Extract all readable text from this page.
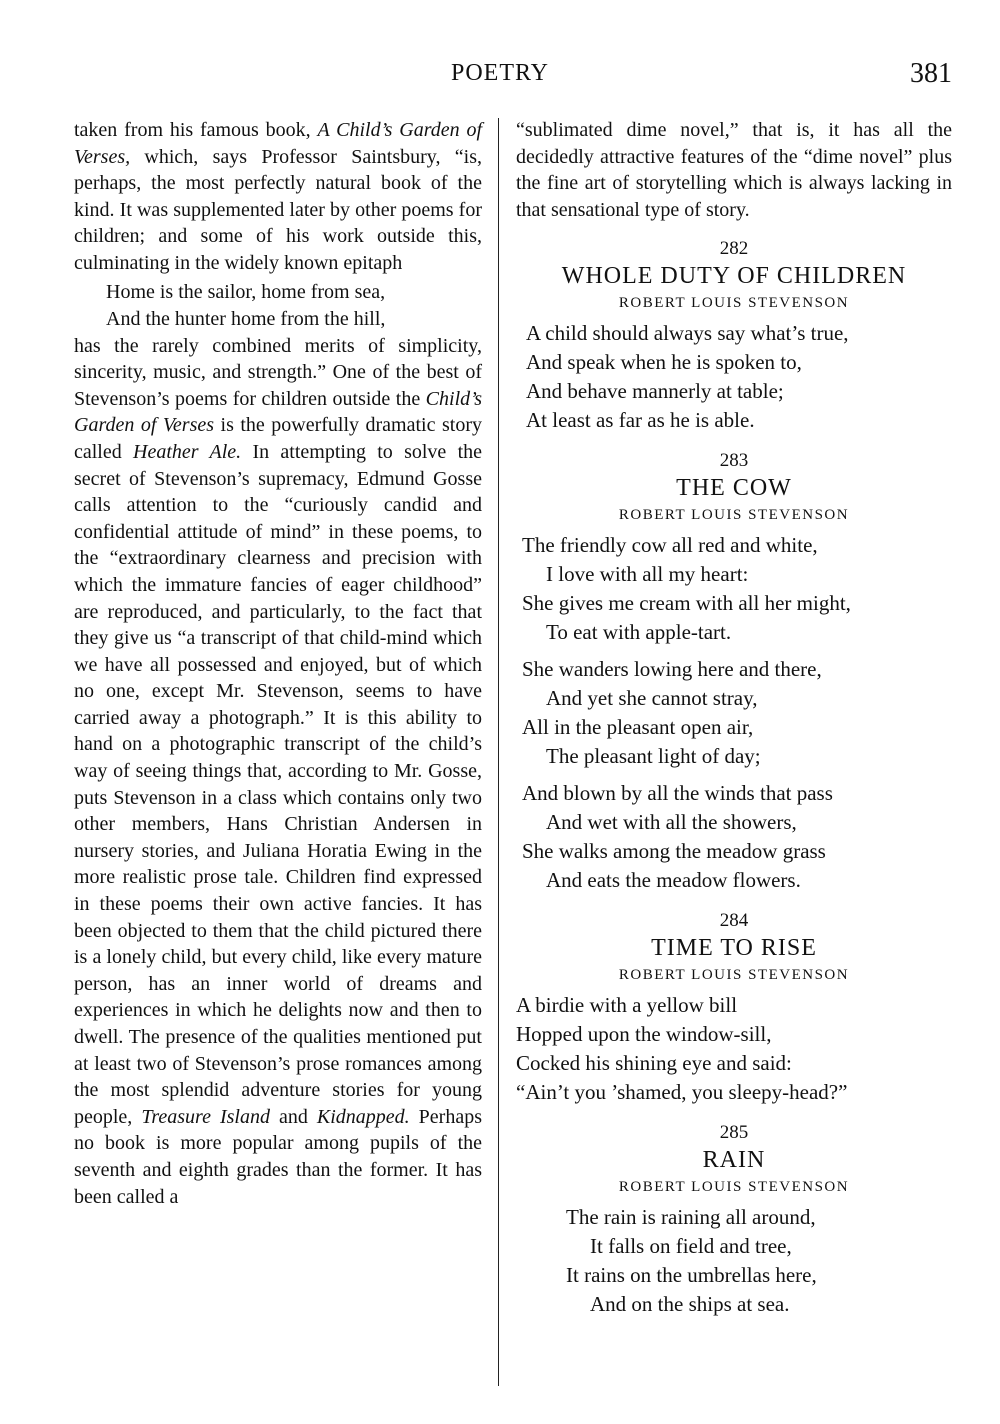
POETRY	381

taken from his famous book, A Child’s Garden of Verses, which, says Professor Saintsbury, “is, perhaps, the most perfectly natural book of the kind. It was supplemented later by other poems for children; and some of his work outside this, culminating in the widely known epitaph

Home is the sailor, home from sea,
And the hunter home from the hill,

has the rarely combined merits of simplicity, sincerity, music, and strength.” One of the best of Stevenson’s poems for children outside the Child’s Garden of Verses is the powerfully dramatic story called Heather Ale. In attempting to solve the secret of Stevenson’s supremacy, Edmund Gosse calls attention to the “curiously candid and confidential attitude of mind” in these poems, to the “extraordinary clearness and precision with which the immature fancies of eager childhood” are reproduced, and particularly, to the fact that they give us “a transcript of that child-mind which we have all possessed and enjoyed, but of which no one, except Mr. Stevenson, seems to have carried away a photograph.” It is this ability to hand on a photographic transcript of the child’s way of seeing things that, according to Mr. Gosse, puts Stevenson in a class which contains only two other members, Hans Christian Andersen in nursery stories, and Juliana Horatia Ewing in the more realistic prose tale. Children find expressed in these poems their own active fancies. It has been objected to them that the child pictured there is a lonely child, but every child, like every mature person, has an inner world of dreams and experiences in which he delights now and then to dwell. The presence of the qualities mentioned put at least two of Stevenson’s prose romances among the most splendid adventure stories for young people, Treasure Island and Kidnapped. Perhaps no book is more popular among pupils of the seventh and eighth grades than the former. It has been called a

“sublimated dime novel,” that is, it has all the decidedly attractive features of the “dime novel” plus the fine art of storytelling which is always lacking in that sensational type of story.

282
WHOLE DUTY OF CHILDREN
ROBERT LOUIS STEVENSON
A child should always say what’s true,
And speak when he is spoken to,
And behave mannerly at table;
At least as far as he is able.
283
THE COW
ROBERT LOUIS STEVENSON
The friendly cow all red and white,
I love with all my heart:
She gives me cream with all her might,
To eat with apple-tart.
She wanders lowing here and there,
And yet she cannot stray,
All in the pleasant open air,
The pleasant light of day;
And blown by all the winds that pass
And wet with all the showers,
She walks among the meadow grass
And eats the meadow flowers.
284
TIME TO RISE
ROBERT LOUIS STEVENSON
A birdie with a yellow bill
Hopped upon the window-sill,
Cocked his shining eye and said:
“Ain’t you ’shamed, you sleepy-head?”
285
RAIN
ROBERT LOUIS STEVENSON
The rain is raining all around,
It falls on field and tree,
It rains on the umbrellas here,
And on the ships at sea.
